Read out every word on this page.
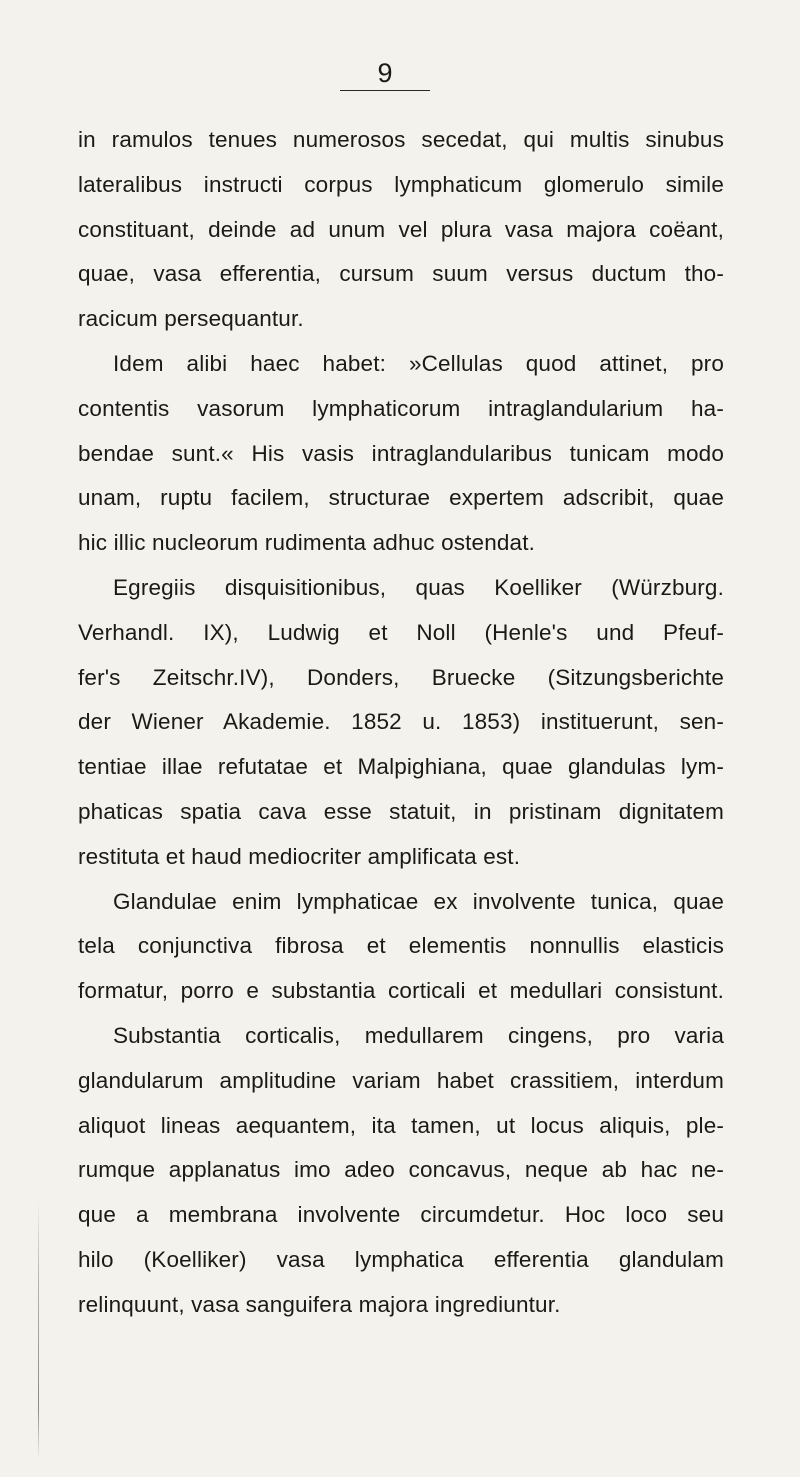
9
in ramulos tenues numerosos secedat, qui multis sinubus
lateralibus instructi corpus lymphaticum glomerulo simile
constituant, deinde ad unum vel plura vasa majora coëant,
quae, vasa efferentia, cursum suum versus ductum tho-
racicum persequantur.
Idem alibi haec habet: »Cellulas quod attinet, pro
contentis vasorum lymphaticorum intraglandularium ha-
bendae sunt.« His vasis intraglandularibus tunicam modo
unam, ruptu facilem, structurae expertem adscribit, quae
hic illic nucleorum rudimenta adhuc ostendat.
Egregiis disquisitionibus, quas Koelliker (Würzburg.
Verhandl. IX), Ludwig et Noll (Henle's und Pfeuf-
fer's Zeitschr.IV), Donders, Bruecke (Sitzungsberichte
der Wiener Akademie. 1852 u. 1853) instituerunt, sen-
tentiae illae refutatae et Malpighiana, quae glandulas lym-
phaticas spatia cava esse statuit, in pristinam dignitatem
restituta et haud mediocriter amplificata est.
Glandulae enim lymphaticae ex involvente tunica, quae
tela conjunctiva fibrosa et elementis nonnullis elasticis
formatur, porro e substantia corticali et medullari consistunt.
Substantia corticalis, medullarem cingens, pro varia
glandularum amplitudine variam habet crassitiem, interdum
aliquot lineas aequantem, ita tamen, ut locus aliquis, ple-
rumque applanatus imo adeo concavus, neque ab hac ne-
que a membrana involvente circumdetur. Hoc loco seu
hilo (Koelliker) vasa lymphatica efferentia glandulam
relinquunt, vasa sanguifera majora ingrediuntur.
